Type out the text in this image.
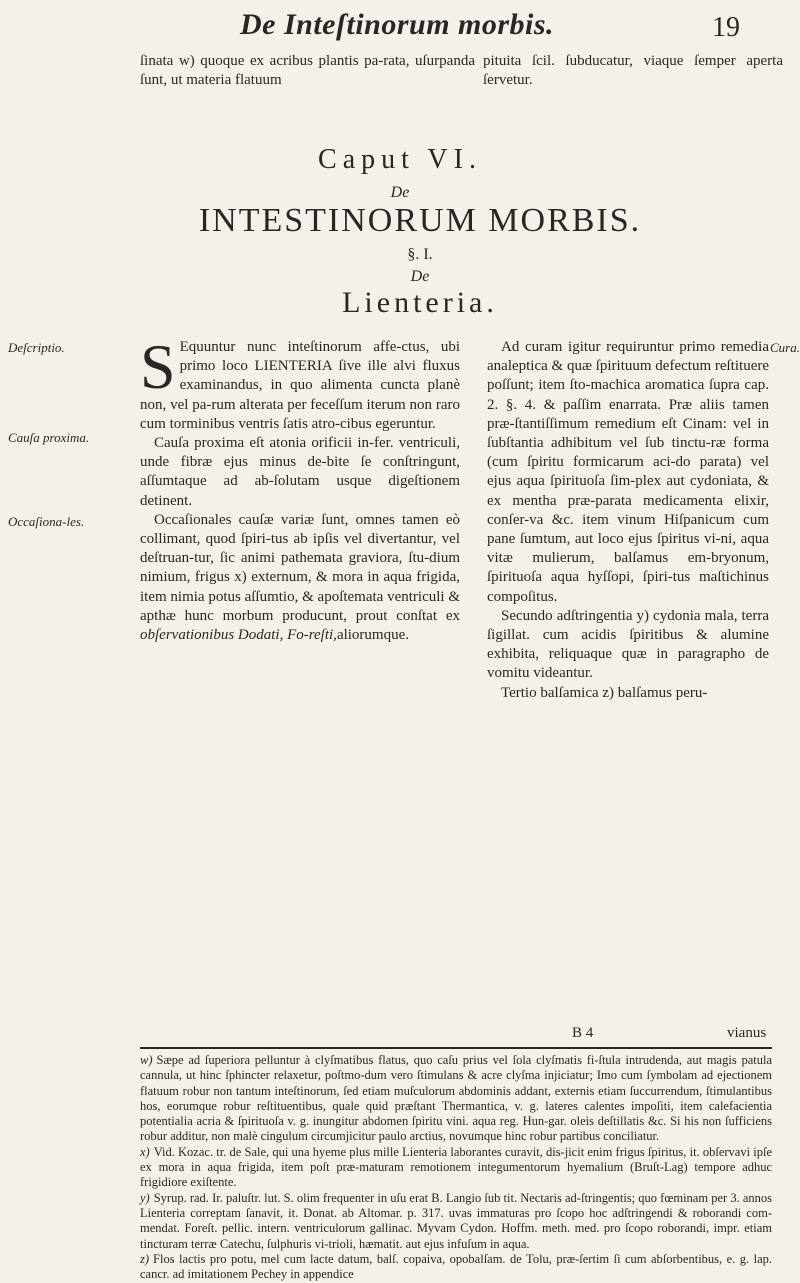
De Inteſtinorum morbis.	19
ſinata w) quoque ex acribus plantis pa-rata, uſurpanda ſunt, ut materia flatuum
pituita ſcil. ſubducatur, viaque ſemper aperta ſervetur.
Caput VI.
De
INTESTINORUM MORBIS.
§. I.
De
Lienteria.
Deſcriptio.
Cauſa proxima.
Occaſiona-les.
Cura.
S Equuntur nunc inteſtinorum affe-ctus, ubi primo loco LIENTERIA ſive ille alvi fluxus examinandus, in quo alimenta cuncta planè non, vel pa-rum alterata per feceſſum iterum non raro cum torminibus ventris ſatis atro-cibus egeruntur.
Cauſa proxima eſt atonia orificii in-fer. ventriculi, unde fibræ ejus minus de-bite ſe conſtringunt, aſſumtaque ad ab-ſolutam usque digeſtionem detinent.
Occaſionales cauſæ variæ ſunt, omnes tamen eò collimant, quod ſpiri-tus ab ipſis vel divertantur, vel deſtruan-tur, ſic animi pathemata graviora, ſtu-dium nimium, frigus x) externum, & mora in aqua frigida, item nimia potus aſſumtio, & apoſtemata ventriculi & apthæ hunc morbum producunt, prout conſtat ex obſervationibus Dodati, Fo-reſti,aliorumque.
Ad curam igitur requiruntur primo remedia analeptica & quæ ſpirituum defectum reſtituere poſſunt; item ſto-machica aromatica ſupra cap. 2. §. 4. & paſſim enarrata. Præ aliis tamen præ-ſtantiſſimum remedium eſt Cinam: vel in ſubſtantia adhibitum vel ſub tinctu-ræ forma (cum ſpiritu formicarum aci-do parata) vel ejus aqua ſpirituoſa ſim-plex aut cydoniata, & ex mentha præ-parata medicamenta elixir, conſer-va &c. item vinum Hiſpanicum cum pane ſumtum, aut loco ejus ſpiritus vi-ni, aqua vitæ mulierum, balſamus em-bryonum, ſpirituoſa aqua hyſſopi, ſpiri-tus maſtichinus compoſitus.
Secundo adſtringentia y) cydonia mala, terra ſigillat. cum acidis ſpiritibus & alumine exhibita, reliquaque quæ in paragrapho de vomitu videantur.
Tertio balſamica z) balſamus peru-
B 4	vianus
w) Sæpe ad ſuperiora pelluntur à clyſmatibus flatus, quo caſu prius vel ſola clyſmatis fi-ſtula intrudenda, aut magis patula cannula, ut hinc ſphincter relaxetur, poſtmo-dum vero ſtimulans & acre clyſma injiciatur; Imo cum ſymbolam ad ejectionem flatuum robur non tantum inteſtinorum, ſed etiam muſculorum abdominis addant, externis etiam ſuccurrendum, ſtimulantibus hos, eorumque robur reſtituentibus, quale quid præſtant Thermantica, v. g. lateres calentes impoſiti, item calefacientia potentialia acria & ſpirituoſa v. g. inungitur abdomen ſpiritu vini. aqua reg. Hun-gar. oleis deſtillatis &c. Si his non ſufficiens robur additur, non malè cingulum circumjicitur paulo arctius, novumque hinc robur partibus conciliatur.
x) Vid. Kozac. tr. de Sale, qui una hyeme plus mille Lienteria laborantes curavit, dis-jicit enim frigus ſpiritus, it. obſervavi ipſe ex mora in aqua frigida, item poſt præ-maturam remotionem integumentorum hyemalium (Bruſt-Lag) tempore adhuc frigidiore exiſtente.
y) Syrup. rad. Ir. paluſtr. lut. S. olim frequenter in uſu erat B. Langio ſub tit. Nectaris ad-ſtringentis; quo fœminam per 3. annos Lienteria correptam ſanavit, it. Donat. ab Altomar. p. 317. uvas immaturas pro ſcopo hoc adſtringendi & roborandi com-mendat. Foreſt. pellic. intern. ventriculorum gallinac. Myvam Cydon. Hoffm. meth. med. pro ſcopo roborandi, impr. etiam tincturam terræ Catechu, ſulphuris vi-trioli, hæmatit. aut ejus infuſum in aqua.
z) Flos lactis pro potu, mel cum lacte datum, balſ. copaiva, opobalſam. de Tolu, præ-ſertim ſi cum abſorbentibus, e. g. lap. cancr. ad imitationem Pechey in appendice
